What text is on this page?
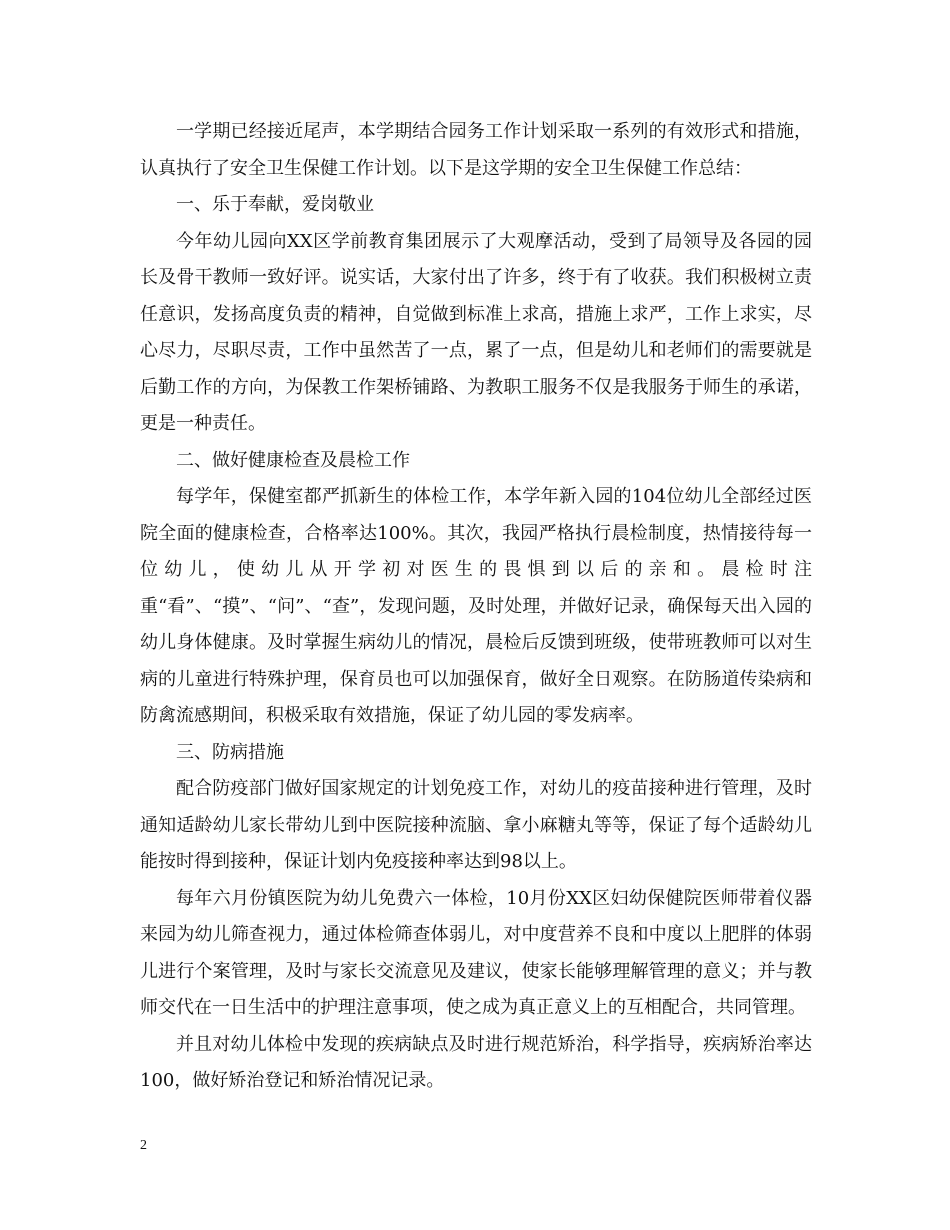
一学期已经接近尾声，本学期结合园务工作计划采取一系列的有效形式和措施，认真执行了安全卫生保健工作计划。以下是这学期的安全卫生保健工作总结：

一、乐于奉献，爱岗敬业

今年幼儿园向XX区学前教育集团展示了大观摩活动，受到了局领导及各园的园长及骨干教师一致好评。说实话，大家付出了许多，终于有了收获。我们积极树立责任意识，发扬高度负责的精神，自觉做到标准上求高，措施上求严，工作上求实，尽心尽力，尽职尽责，工作中虽然苦了一点，累了一点，但是幼儿和老师们的需要就是后勤工作的方向，为保教工作架桥铺路、为教职工服务不仅是我服务于师生的承诺，更是一种责任。

二、做好健康检查及晨检工作

每学年，保健室都严抓新生的体检工作，本学年新入园的104位幼儿全部经过医院全面的健康检查，合格率达100%。其次，我园严格执行晨检制度，热情接待每一位幼儿，使幼儿从开学初对医生的畏惧到以后的亲和。晨检时注重“看”、“摸”、“问”、“查”，发现问题，及时处理，并做好记录，确保每天出入园的幼儿身体健康。及时掌握生病幼儿的情况，晨检后反馈到班级，使带班教师可以对生病的儿童进行特殊护理，保育员也可以加强保育，做好全日观察。在防肠道传染病和防禽流感期间，积极采取有效措施，保证了幼儿园的零发病率。

三、防病措施

配合防疫部门做好国家规定的计划免疫工作，对幼儿的疫苗接种进行管理，及时通知适龄幼儿家长带幼儿到中医院接种流脑、拿小麻糖丸等等，保证了每个适龄幼儿能按时得到接种，保证计划内免疫接种率达到98以上。

每年六月份镇医院为幼儿免费六一体检，10月份XX区妇幼保健院医师带着仪器来园为幼儿筛查视力，通过体检筛查体弱儿，对中度营养不良和中度以上肥胖的体弱儿进行个案管理，及时与家长交流意见及建议，使家长能够理解管理的意义；并与教师交代在一日生活中的护理注意事项，使之成为真正意义上的互相配合，共同管理。

并且对幼儿体检中发现的疾病缺点及时进行规范矫治，科学指导，疾病矫治率达100，做好矫治登记和矫治情况记录。

2
